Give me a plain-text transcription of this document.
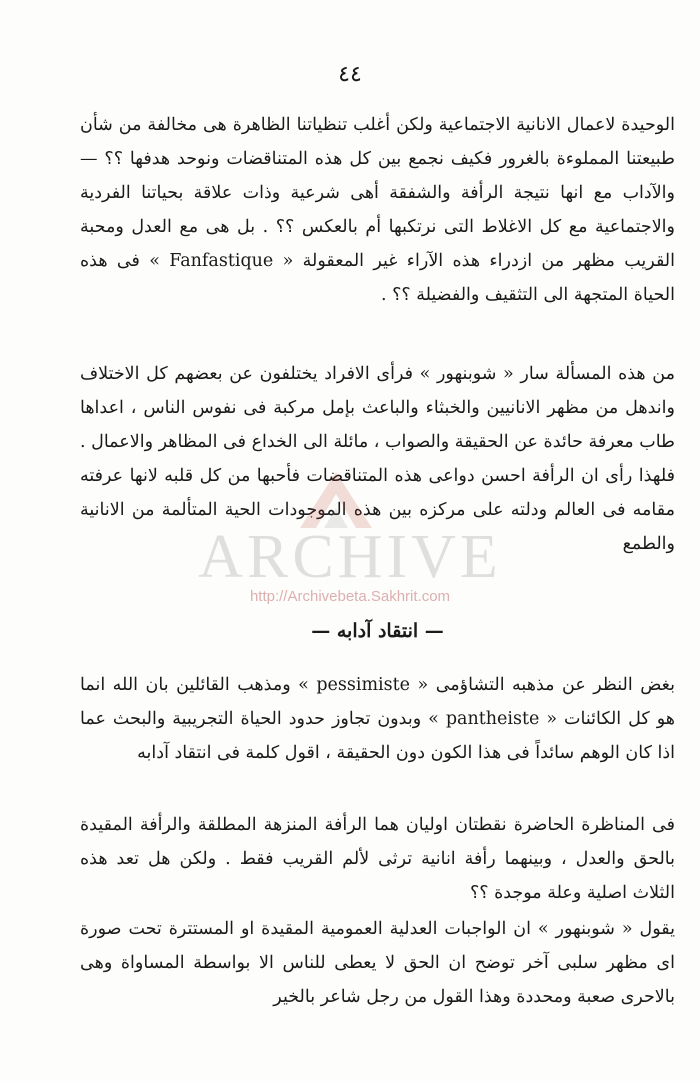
٤٤

الوحيدة لاعمال الانانية الاجتماعية ولكن أغلب تنظياتنا الظاهرة هى مخالفة من شأن طبيعتنا المملوءة بالغرور فكيف نجمع بين كل هذه المتناقضات ونوحد هدفها ؟؟ — والآداب مع انها نتيجة الرأفة والشفقة أهى شرعية وذات علاقة بحياتنا الفردية والاجتماعية مع كل الاغلاط التى نرتكبها أم بالعكس ؟؟ . بل هى مع العدل ومحبة القريب مظهر من ازدراء هذه الآراء غير المعقولة « Fanfastique » فى هذه الحياة المتجهة الى التثقيف والفضيلة ؟؟ .

من هذه المسألة سار « شوبنهور » فرأى الافراد يختلفون عن بعضهم كل الاختلاف واندهل من مظهر الانانيين والخبثاء والباعث بإمل مركبة فى نفوس الناس ، اعداها طاب معرفة حائدة عن الحقيقة والصواب ، مائلة الى الخداع فى المظاهر والاعمال . فلهذا رأى ان الرأفة احسن دواعى هذه المتناقضات فأحبها من كل قلبه لانها عرفته مقامه فى العالم ودلته على مركزه بين هذه الموجودات الحية المتألمة من الانانية والطمع

ARCHIVE
http://Archivebeta.Sakhrit.com
— انتقاد آدابه —

بغض النظر عن مذهبه التشاؤمى « pessimiste » ومذهب القائلين بان الله انما هو كل الكائنات « pantheiste » وبدون تجاوز حدود الحياة التجريبية والبحث عما اذا كان الوهم سائداً فى هذا الكون دون الحقيقة ، اقول كلمة فى انتقاد آدابه

فى المناظرة الحاضرة نقطتان اوليان هما الرأفة المنزهة المطلقة والرأفة المقيدة بالحق والعدل ، وبينهما رأفة انانية ترثى لألم القريب فقط . ولكن هل تعد هذه الثلاث اصلية وعلة موجدة ؟؟

يقول « شوبنهور » ان الواجبات العدلية العمومية المقيدة او المستترة تحت صورة اى مظهر سلبى آخر توضح ان الحق لا يعطى للناس الا بواسطة المساواة وهى بالاحرى صعبة ومحددة وهذا القول من رجل شاعر بالخير
